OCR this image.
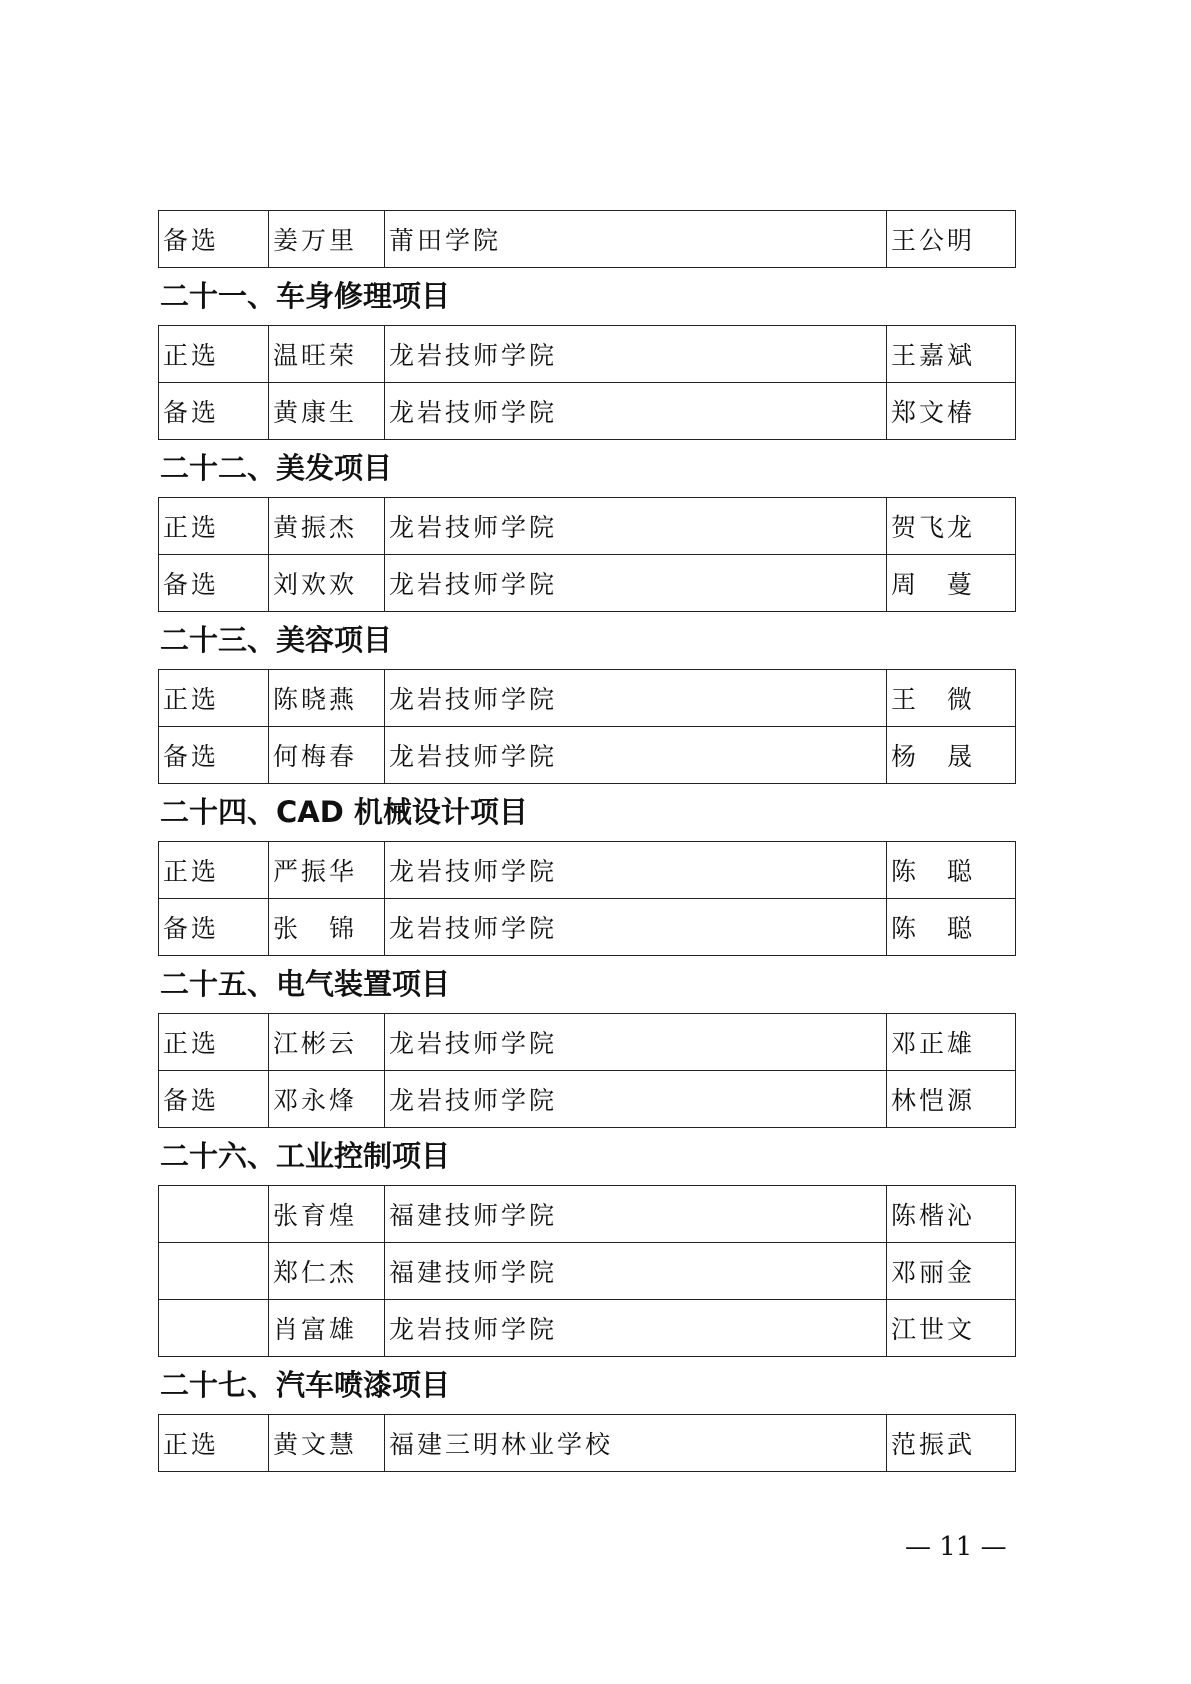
备选	姜万里	莆田学院	王公明
二十一、车身修理项目
正选	温旺荣	龙岩技师学院	王嘉斌
备选	黄康生	龙岩技师学院	郑文椿
二十二、美发项目
正选	黄振杰	龙岩技师学院	贺飞龙
备选	刘欢欢	龙岩技师学院	周　蔓
二十三、美容项目
正选	陈晓燕	龙岩技师学院	王　微
备选	何梅春	龙岩技师学院	杨　晟
二十四、CAD 机械设计项目
正选	严振华	龙岩技师学院	陈　聪
备选	张　锦	龙岩技师学院	陈　聪
二十五、电气装置项目
正选	江彬云	龙岩技师学院	邓正雄
备选	邓永烽	龙岩技师学院	林恺源
二十六、工业控制项目
	张育煌	福建技师学院	陈楷沁
	郑仁杰	福建技师学院	邓丽金
	肖富雄	龙岩技师学院	江世文
二十七、汽车喷漆项目
正选	黄文慧	福建三明林业学校	范振武
— 11 —
